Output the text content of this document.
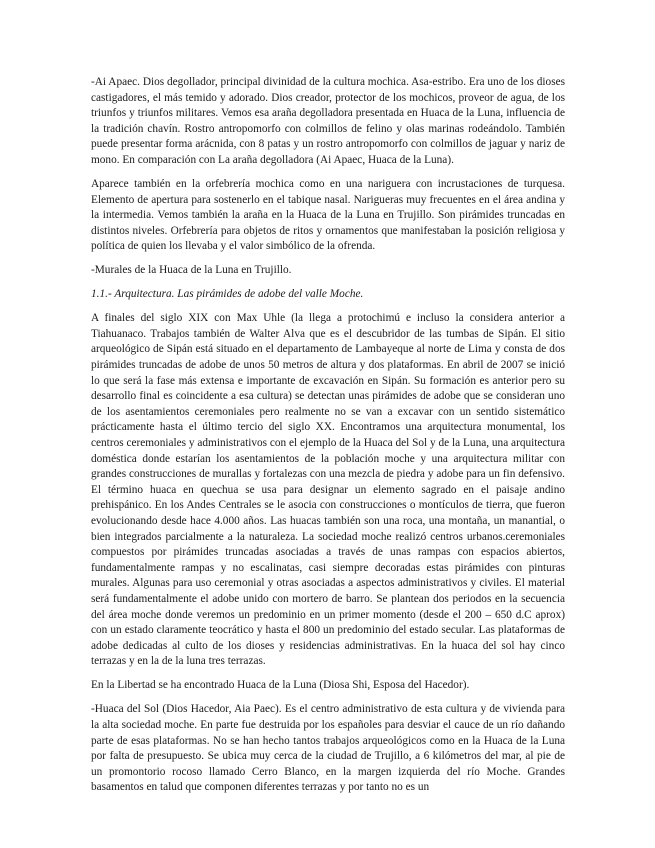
-Ai Apaec. Dios degollador, principal divinidad de la cultura mochica. Asa-estribo. Era uno de los dioses castigadores, el más temido y adorado. Dios creador, protector de los mochicos, proveor de agua, de los triunfos y triunfos militares. Vemos esa araña degolladora presentada en Huaca de la Luna, influencia de la tradición chavín. Rostro antropomorfo con colmillos de felino y olas marinas rodeándolo. También puede presentar forma arácnida, con 8 patas y un rostro antropomorfo con colmillos de jaguar y nariz de mono. En comparación con La araña degolladora (Ai Apaec, Huaca de la Luna).

Aparece también en la orfebrería mochica como en una nariguera con incrustaciones de turquesa. Elemento de apertura para sostenerlo en el tabique nasal. Narigueras muy frecuentes en el área andina y la intermedia. Vemos también la araña en la Huaca de la Luna en Trujillo. Son pirámides truncadas en distintos niveles. Orfebrería para objetos de ritos y ornamentos que manifestaban la posición religiosa y política de quien los llevaba y el valor simbólico de la ofrenda.

-Murales de la Huaca de la Luna en Trujillo.

1.1.- Arquitectura. Las pirámides de adobe del valle Moche.

A finales del siglo XIX con Max Uhle (la llega a protochimú e incluso la considera anterior a Tiahuanaco. Trabajos también de Walter Alva que es el descubridor de las tumbas de Sipán. El sitio arqueológico de Sipán está situado en el departamento de Lambayeque al norte de Lima y consta de dos pirámides truncadas de adobe de unos 50 metros de altura y dos plataformas. En abril de 2007 se inició lo que será la fase más extensa e importante de excavación en Sipán. Su formación es anterior pero su desarrollo final es coincidente a esa cultura) se detectan unas pirámides de adobe que se consideran uno de los asentamientos ceremoniales pero realmente no se van a excavar con un sentido sistemático prácticamente hasta el último tercio del siglo XX. Encontramos una arquitectura monumental, los centros ceremoniales y administrativos con el ejemplo de la Huaca del Sol y de la Luna, una arquitectura doméstica donde estarían los asentamientos de la población moche y una arquitectura militar con grandes construcciones de murallas y fortalezas con una mezcla de piedra y adobe para un fin defensivo. El término huaca en quechua se usa para designar un elemento sagrado en el paisaje andino prehispánico. En los Andes Centrales se le asocia con construcciones o montículos de tierra, que fueron evolucionando desde hace 4.000 años. Las huacas también son una roca, una montaña, un manantial, o bien integrados parcialmente a la naturaleza. La sociedad moche realizó centros urbanos.ceremoniales compuestos por pirámides truncadas asociadas a través de unas rampas con espacios abiertos, fundamentalmente rampas y no escalinatas, casi siempre decoradas estas pirámides con pinturas murales. Algunas para uso ceremonial y otras asociadas a aspectos administrativos y civiles. El material será fundamentalmente el adobe unido con mortero de barro. Se plantean dos periodos en la secuencia del área moche donde veremos un predominio en un primer momento (desde el 200 – 650 d.C aprox) con un estado claramente teocrático y hasta el 800 un predominio del estado secular. Las plataformas de adobe dedicadas al culto de los dioses y residencias administrativas. En la huaca del sol hay cinco terrazas y en la de la luna tres terrazas.

En la Libertad se ha encontrado Huaca de la Luna (Diosa Shi, Esposa del Hacedor).

-Huaca del Sol (Dios Hacedor, Aia Paec). Es el centro administrativo de esta cultura y de vivienda para la alta sociedad moche. En parte fue destruida por los españoles para desviar el cauce de un río dañando parte de esas plataformas. No se han hecho tantos trabajos arqueológicos como en la Huaca de la Luna por falta de presupuesto. Se ubica muy cerca de la ciudad de Trujillo, a 6 kilómetros del mar, al pie de un promontorio rocoso llamado Cerro Blanco, en la margen izquierda del río Moche. Grandes basamentos en talud que componen diferentes terrazas y por tanto no es un
